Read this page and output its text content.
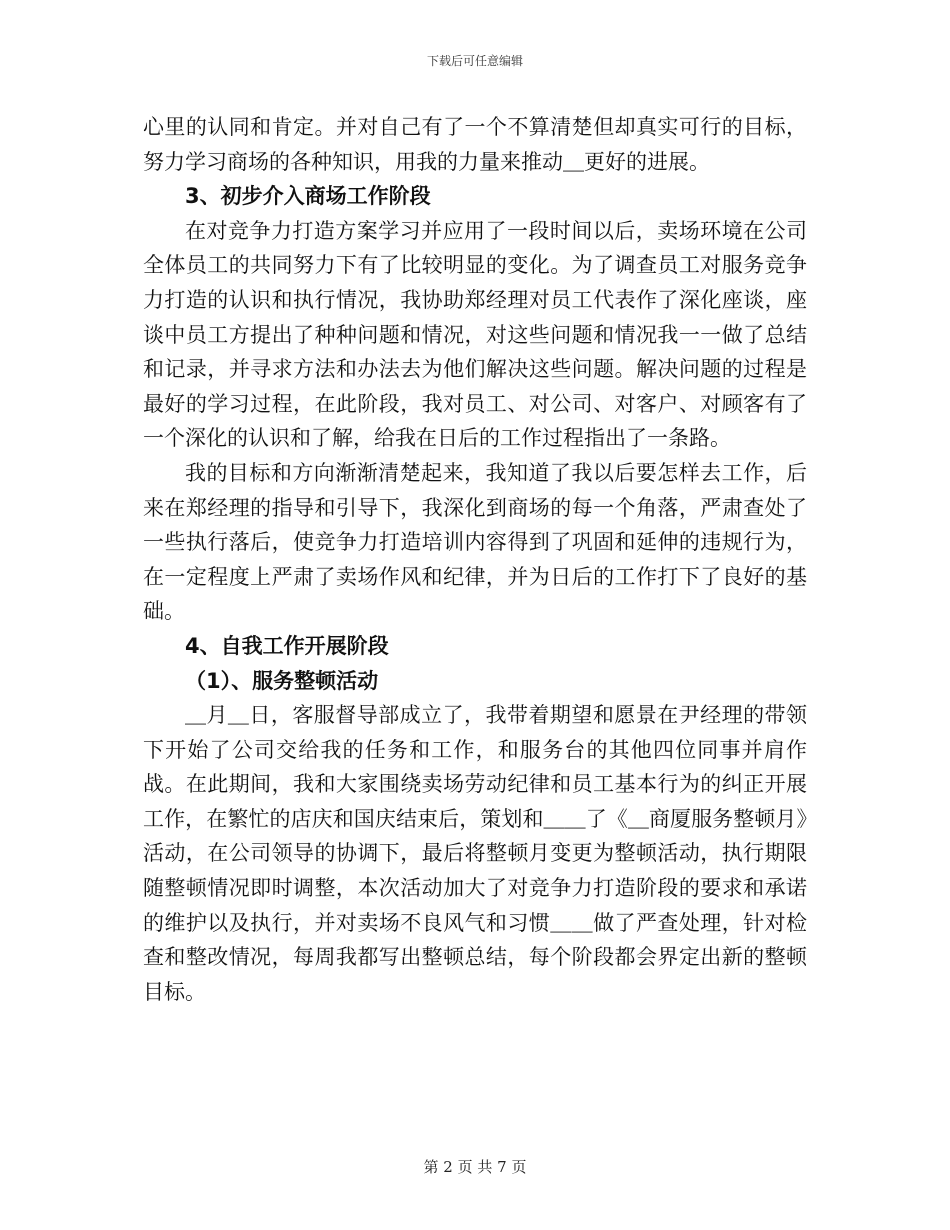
下载后可任意编辑

心里的认同和肯定。并对自己有了一个不算清楚但却真实可行的目标，努力学习商场的各种知识，用我的力量来推动＿更好的进展。

3、初步介入商场工作阶段

在对竞争力打造方案学习并应用了一段时间以后，卖场环境在公司全体员工的共同努力下有了比较明显的变化。为了调查员工对服务竞争力打造的认识和执行情况，我协助郑经理对员工代表作了深化座谈，座谈中员工方提出了种种问题和情况，对这些问题和情况我一一做了总结和记录，并寻求方法和办法去为他们解决这些问题。解决问题的过程是最好的学习过程，在此阶段，我对员工、对公司、对客户、对顾客有了一个深化的认识和了解，给我在日后的工作过程指出了一条路。

我的目标和方向渐渐清楚起来，我知道了我以后要怎样去工作，后来在郑经理的指导和引导下，我深化到商场的每一个角落，严肃查处了一些执行落后，使竞争力打造培训内容得到了巩固和延伸的违规行为，在一定程度上严肃了卖场作风和纪律，并为日后的工作打下了良好的基础。

4、自我工作开展阶段

（1）、服务整顿活动

＿月＿日，客服督导部成立了，我带着期望和愿景在尹经理的带领下开始了公司交给我的任务和工作，和服务台的其他四位同事并肩作战。在此期间，我和大家围绕卖场劳动纪律和员工基本行为的纠正开展工作，在繁忙的店庆和国庆结束后，策划和＿＿了《＿商厦服务整顿月》活动，在公司领导的协调下，最后将整顿月变更为整顿活动，执行期限随整顿情况即时调整，本次活动加大了对竞争力打造阶段的要求和承诺的维护以及执行，并对卖场不良风气和习惯＿＿做了严查处理，针对检查和整改情况，每周我都写出整顿总结，每个阶段都会界定出新的整顿目标。

第 2 页 共 7 页
